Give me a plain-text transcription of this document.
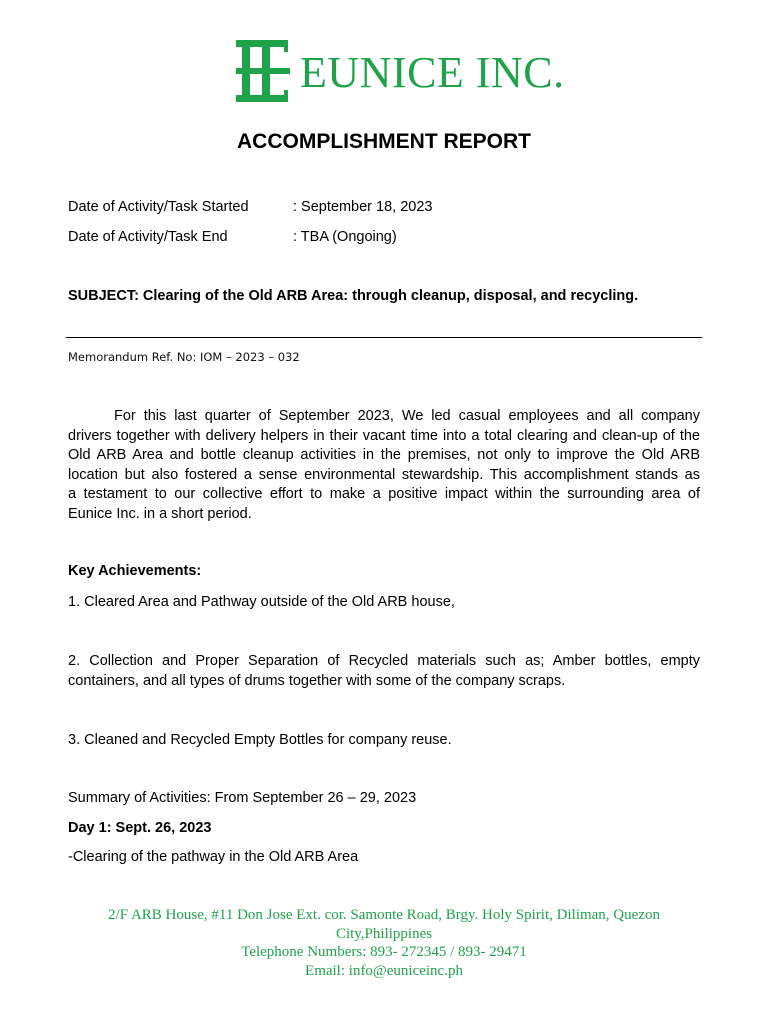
EUNICE INC.
ACCOMPLISHMENT REPORT
Date of Activity/Task Started	: September 18, 2023
Date of Activity/Task End	: TBA (Ongoing)
SUBJECT: Clearing of the Old ARB Area: through cleanup, disposal, and recycling.
Memorandum Ref. No: IOM – 2023 – 032
For this last quarter of September 2023, We led casual employees and all company
drivers together with delivery helpers in their vacant time into a total clearing and clean-up of the
Old ARB Area and bottle cleanup activities in the premises, not only to improve the Old ARB
location but also fostered a sense environmental stewardship. This accomplishment stands as
a testament to our collective effort to make a positive impact within the surrounding area of
Eunice Inc. in a short period.
Key Achievements:
1. Cleared Area and Pathway outside of the Old ARB house,
2. Collection and Proper Separation of Recycled materials such as; Amber bottles, empty
containers, and all types of drums together with some of the company scraps.
3. Cleaned and Recycled Empty Bottles for company reuse.
Summary of Activities: From September 26 – 29, 2023
Day 1: Sept. 26, 2023
-Clearing of the pathway in the Old ARB Area
2/F ARB House, #11 Don Jose Ext. cor. Samonte Road, Brgy. Holy Spirit, Diliman, Quezon
City,Philippines
Telephone Numbers: 893- 272345 / 893- 29471
Email: info@euniceinc.ph
